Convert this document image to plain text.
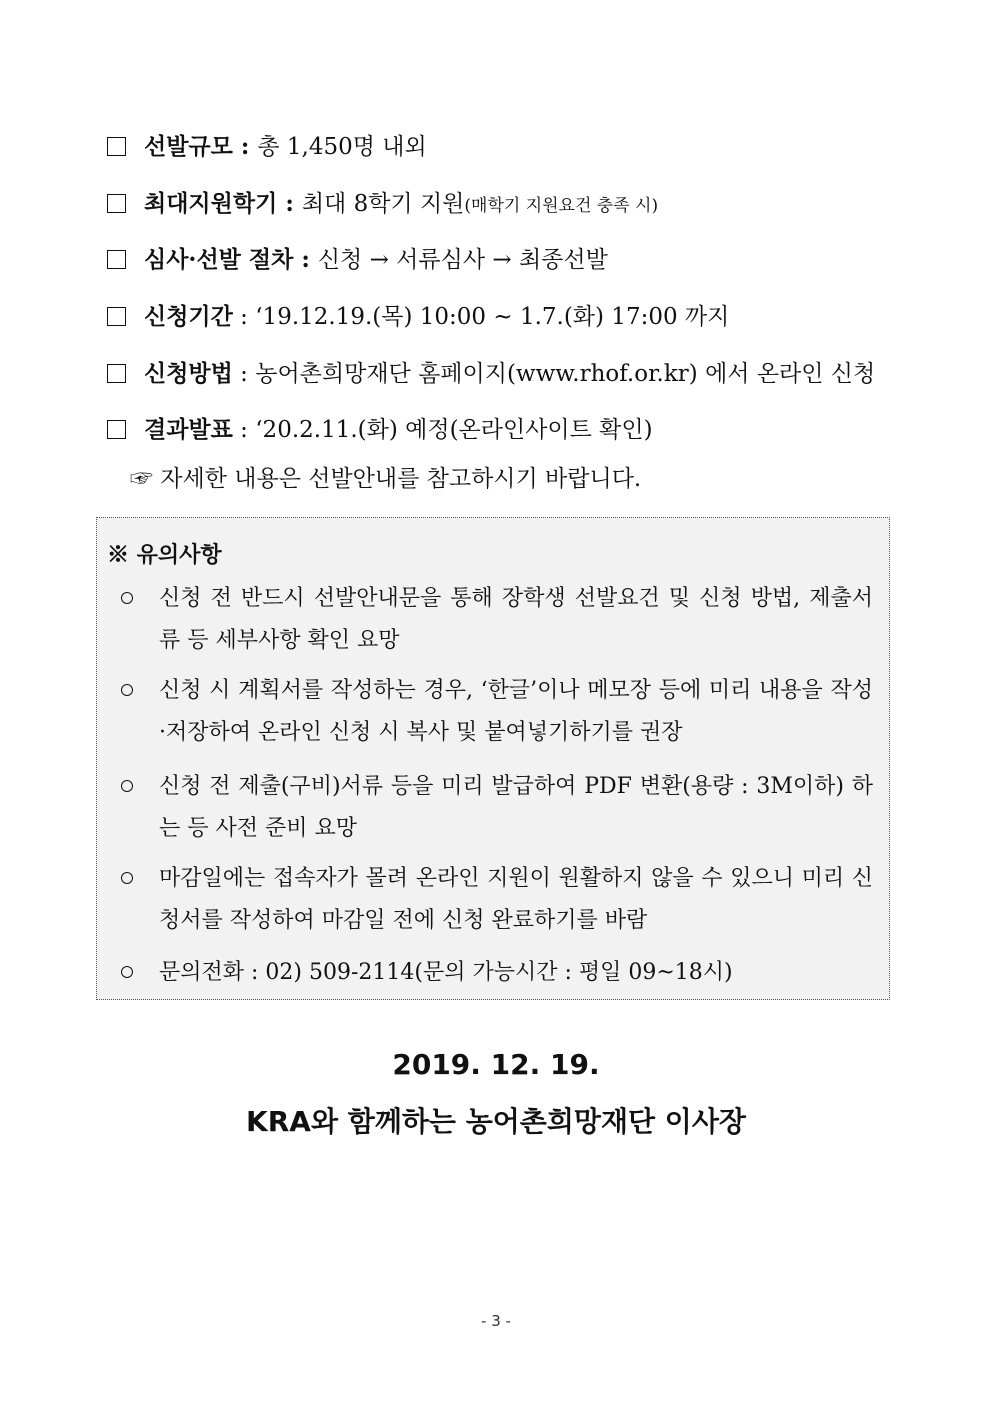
선발규모 : 총 1,450명 내외
최대지원학기 : 최대 8학기 지원(매학기 지원요건 충족 시)
심사·선발 절차 : 신청 → 서류심사 → 최종선발
신청기간 : ‘19.12.19.(목) 10:00 ~ 1.7.(화) 17:00 까지
신청방법 : 농어촌희망재단 홈페이지(www.rhof.or.kr) 에서 온라인 신청
결과발표 : ‘20.2.11.(화) 예정(온라인사이트 확인)
☞ 자세한 내용은 선발안내를 참고하시기 바랍니다.
※ 유의사항
신청 전 반드시 선발안내문을 통해 장학생 선발요건 및 신청 방법, 제출서류 등 세부사항 확인 요망
신청 시 계획서를 작성하는 경우, ‘한글’이나 메모장 등에 미리 내용을 작성·저장하여 온라인 신청 시 복사 및 붙여넣기하기를 권장
신청 전 제출(구비)서류 등을 미리 발급하여 PDF 변환(용량 : 3M이하) 하는 등 사전 준비 요망
마감일에는 접속자가 몰려 온라인 지원이 원활하지 않을 수 있으니 미리 신청서를 작성하여 마감일 전에 신청 완료하기를 바람
문의전화 : 02) 509-2114(문의 가능시간 : 평일 09~18시)
2019. 12. 19.
KRA와 함께하는 농어촌희망재단 이사장
- 3 -
